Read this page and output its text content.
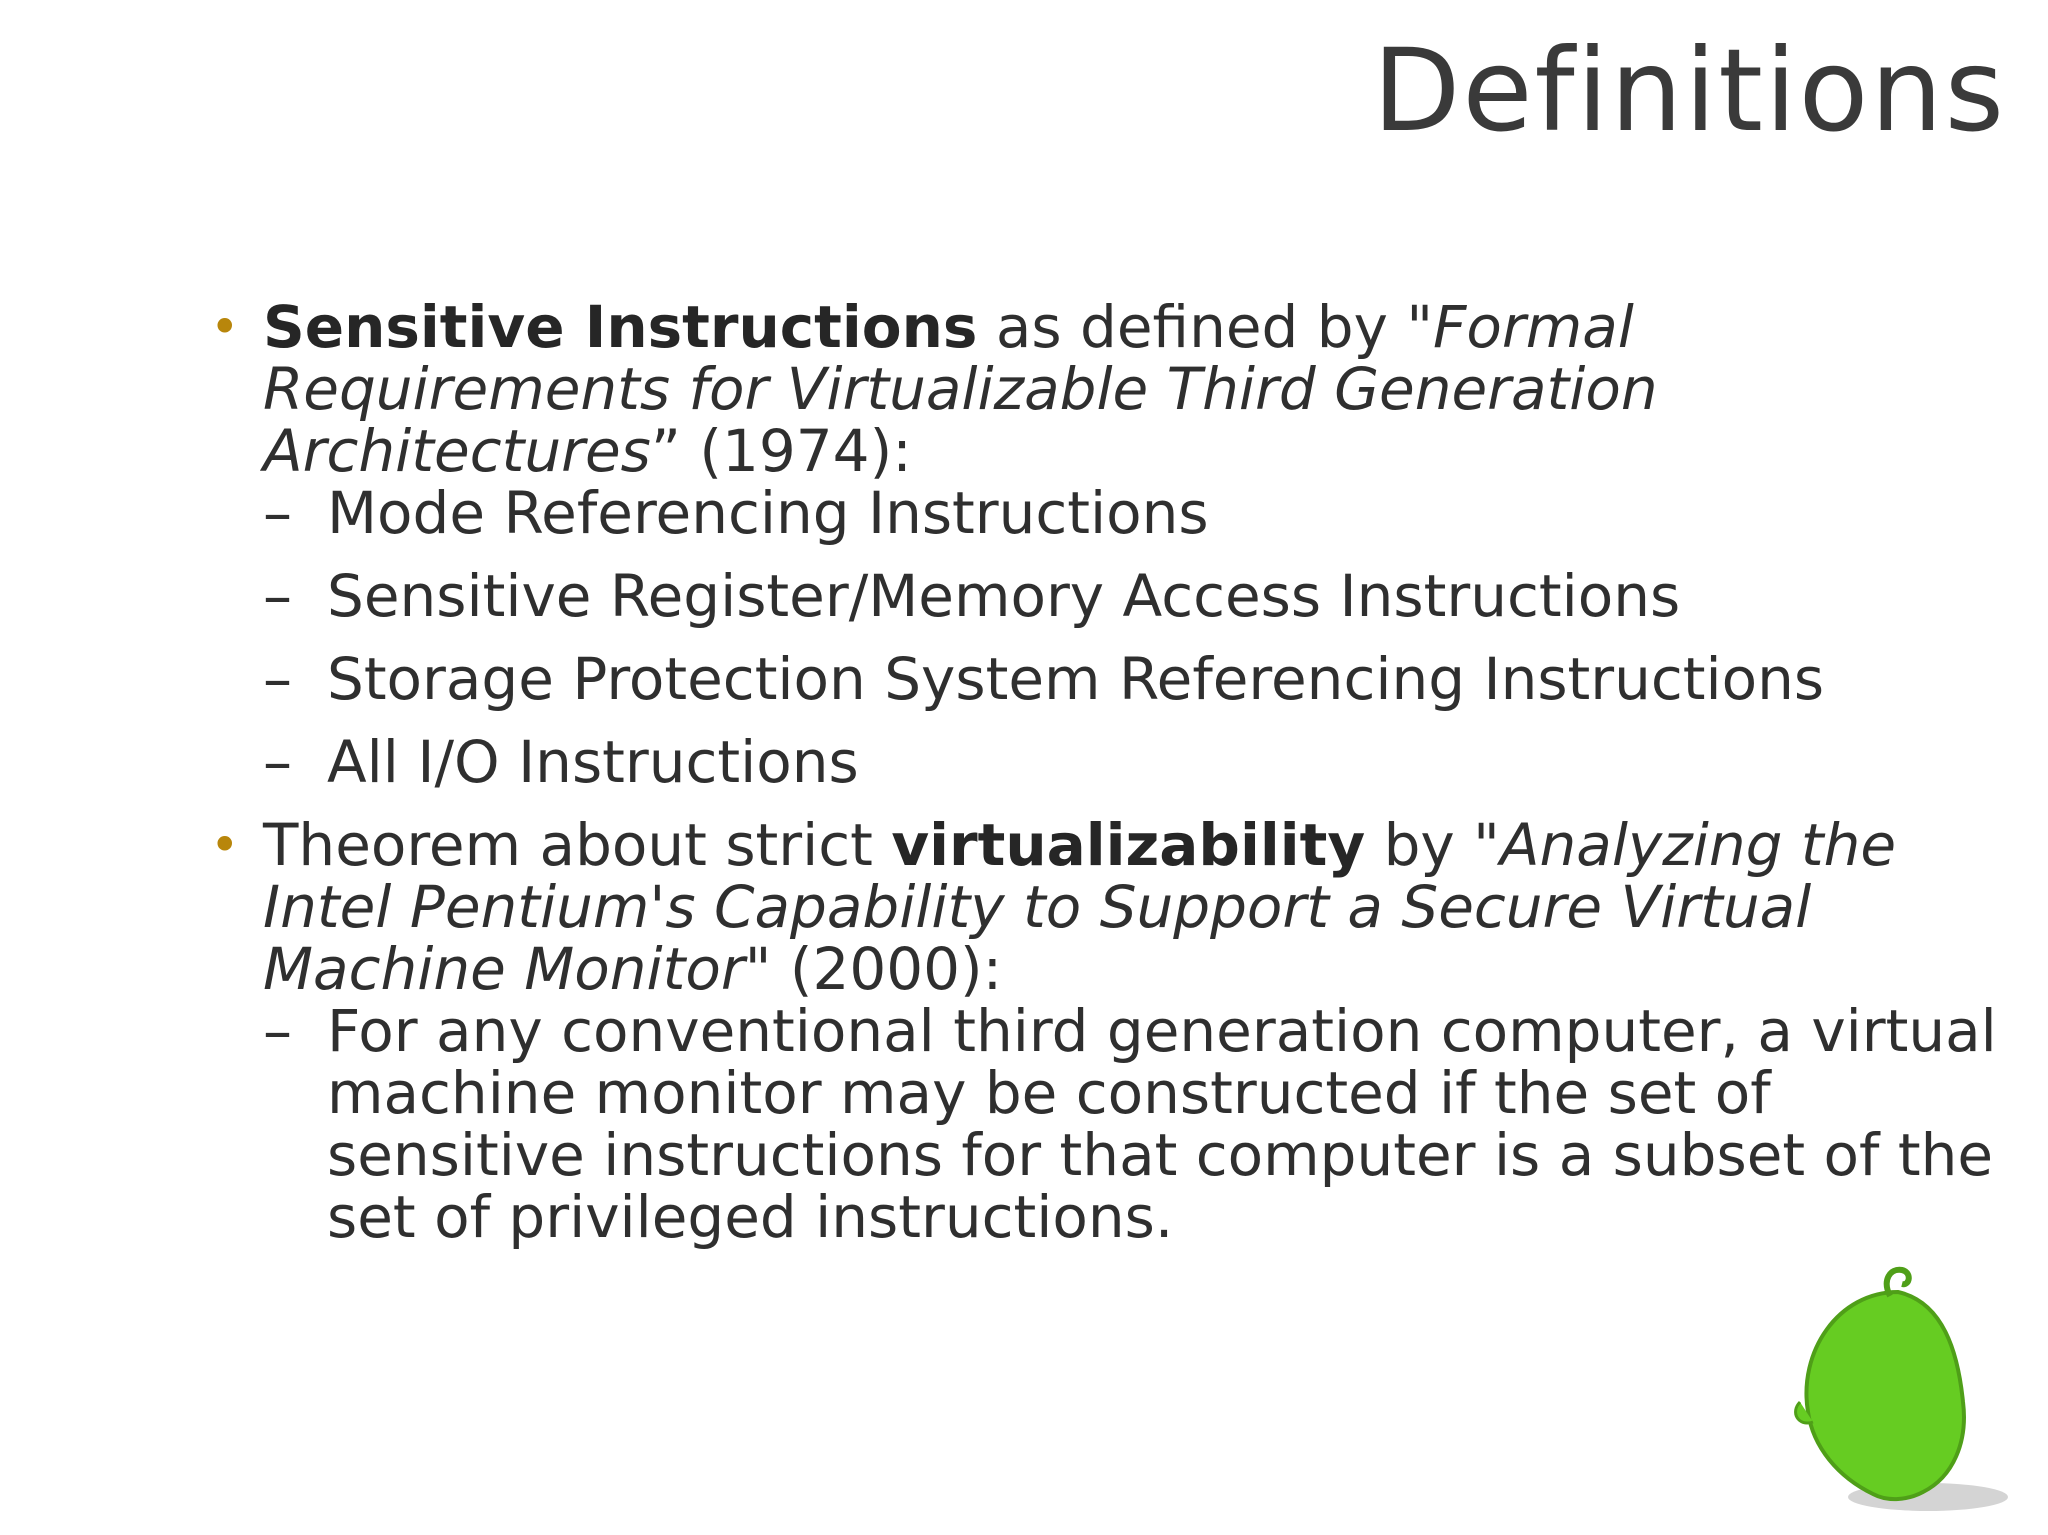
Definitions
• Sensitive Instructions as defined by "Formal Requirements for Virtualizable Third Generation Architectures” (1974):
– Mode Referencing Instructions
– Sensitive Register/Memory Access Instructions
– Storage Protection System Referencing Instructions
– All I/O Instructions
• Theorem about strict virtualizability by "Analyzing the Intel Pentium's Capability to Support a Secure Virtual Machine Monitor" (2000):
– For any conventional third generation computer, a virtual machine monitor may be constructed if the set of sensitive instructions for that computer is a subset of the set of privileged instructions.
